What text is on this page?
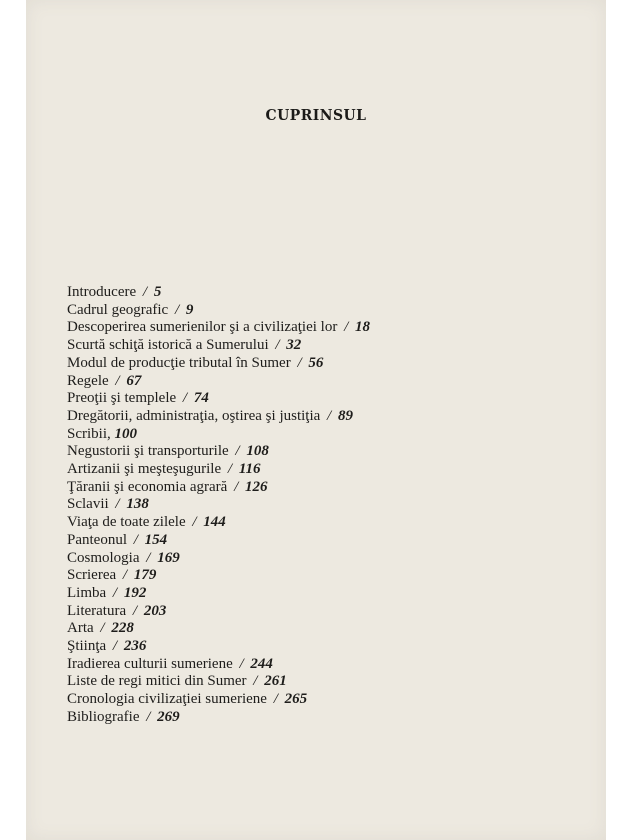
CUPRINSUL
Introducere / 5
Cadrul geografic / 9
Descoperirea sumerienilor şi a civilizaţiei lor / 18
Scurtă schiţă istorică a Sumerului / 32
Modul de producţie tributal în Sumer / 56
Regele / 67
Preoţii şi templele / 74
Dregătorii, administraţia, oştirea şi justiţia / 89
Scribii, 100
Negustorii şi transporturile / 108
Artizanii şi meşteşugurile / 116
Ţăranii şi economia agrară / 126
Sclavii / 138
Viaţa de toate zilele / 144
Panteonul / 154
Cosmologia / 169
Scrierea / 179
Limba / 192
Literatura / 203
Arta / 228
Ştiinţa / 236
Iradierea culturii sumeriene / 244
Liste de regi mitici din Sumer / 261
Cronologia civilizaţiei sumeriene / 265
Bibliografie / 269
